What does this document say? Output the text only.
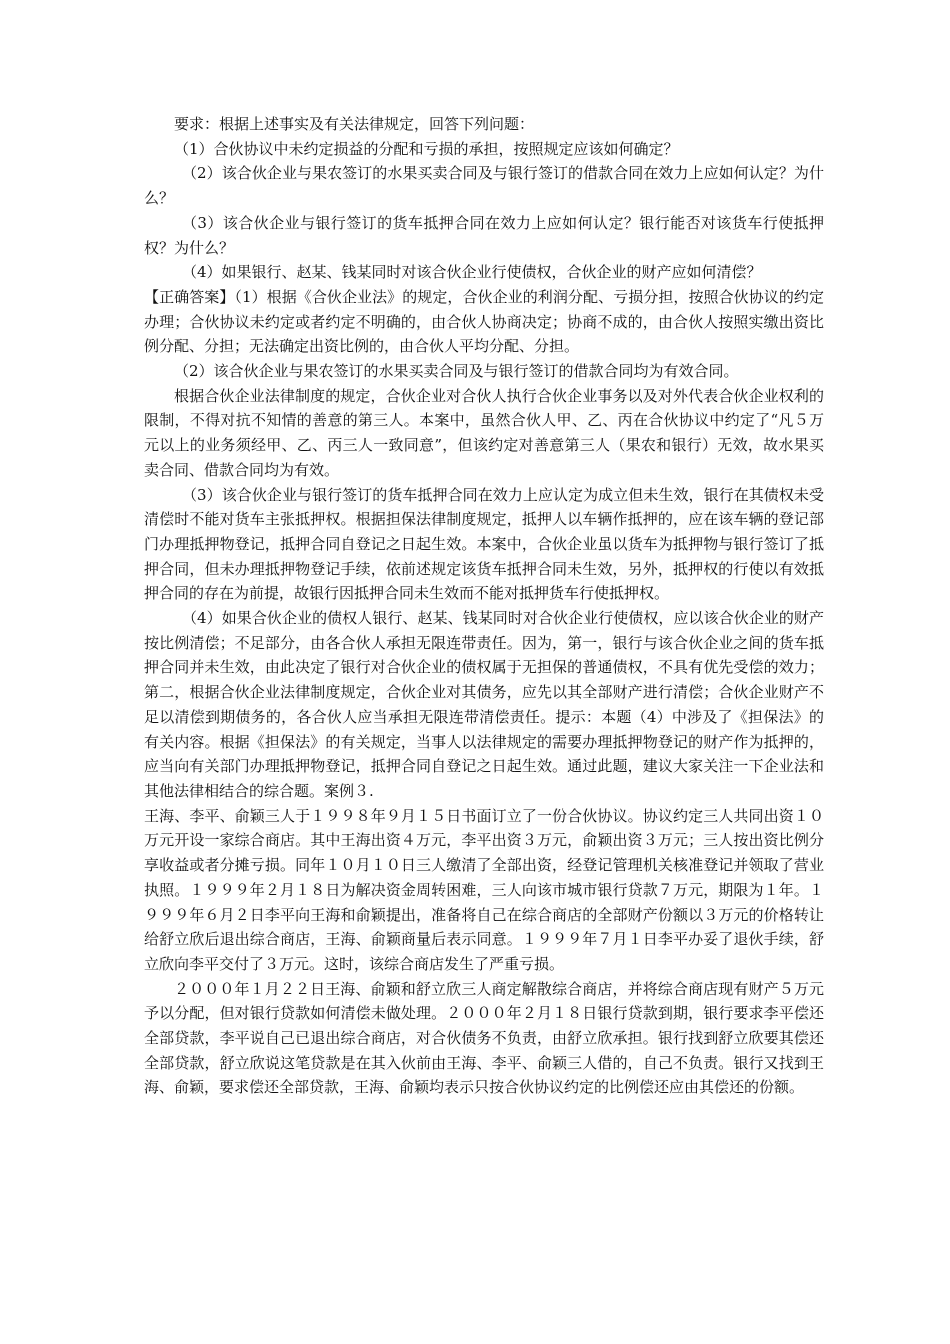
要求：根据上述事实及有关法律规定，回答下列问题：

（1）合伙协议中未约定损益的分配和亏损的承担，按照规定应该如何确定？

（2）该合伙企业与果农签订的水果买卖合同及与银行签订的借款合同在效力上应如何认定？为什么？

（3）该合伙企业与银行签订的货车抵押合同在效力上应如何认定？银行能否对该货车行使抵押权？为什么？

（4）如果银行、赵某、钱某同时对该合伙企业行使债权，合伙企业的财产应如何清偿？

【正确答案】（1）根据《合伙企业法》的规定，合伙企业的利润分配、亏损分担，按照合伙协议的约定办理；合伙协议未约定或者约定不明确的，由合伙人协商决定；协商不成的，由合伙人按照实缴出资比例分配、分担；无法确定出资比例的，由合伙人平均分配、分担。

（2）该合伙企业与果农签订的水果买卖合同及与银行签订的借款合同均为有效合同。

根据合伙企业法律制度的规定，合伙企业对合伙人执行合伙企业事务以及对外代表合伙企业权利的限制，不得对抗不知情的善意的第三人。本案中，虽然合伙人甲、乙、丙在合伙协议中约定了“凡５万元以上的业务须经甲、乙、丙三人一致同意”，但该约定对善意第三人（果农和银行）无效，故水果买卖合同、借款合同均为有效。

（3）该合伙企业与银行签订的货车抵押合同在效力上应认定为成立但未生效，银行在其债权未受清偿时不能对货车主张抵押权。根据担保法律制度规定，抵押人以车辆作抵押的，应在该车辆的登记部门办理抵押物登记，抵押合同自登记之日起生效。本案中，合伙企业虽以货车为抵押物与银行签订了抵押合同，但未办理抵押物登记手续，依前述规定该货车抵押合同未生效，另外，抵押权的行使以有效抵押合同的存在为前提，故银行因抵押合同未生效而不能对抵押货车行使抵押权。

（4）如果合伙企业的债权人银行、赵某、钱某同时对合伙企业行使债权，应以该合伙企业的财产按比例清偿；不足部分，由各合伙人承担无限连带责任。因为，第一，银行与该合伙企业之间的货车抵押合同并未生效，由此决定了银行对合伙企业的债权属于无担保的普通债权，不具有优先受偿的效力；第二，根据合伙企业法律制度规定，合伙企业对其债务，应先以其全部财产进行清偿；合伙企业财产不足以清偿到期债务的，各合伙人应当承担无限连带清偿责任。提示：本题（4）中涉及了《担保法》的有关内容。根据《担保法》的有关规定，当事人以法律规定的需要办理抵押物登记的财产作为抵押的，应当向有关部门办理抵押物登记，抵押合同自登记之日起生效。通过此题，建议大家关注一下企业法和其他法律相结合的综合题。案例３.

王海、李平、俞颖三人于１９９８年９月１５日书面订立了一份合伙协议。协议约定三人共同出资１０万元开设一家综合商店。其中王海出资４万元，李平出资３万元，俞颖出资３万元；三人按出资比例分享收益或者分摊亏损。同年１０月１０日三人缴清了全部出资，经登记管理机关核准登记并领取了营业执照。１９９９年２月１８日为解决资金周转困难，三人向该市城市银行贷款７万元，期限为１年。１９９９年６月２日李平向王海和俞颖提出，准备将自己在综合商店的全部财产份额以３万元的价格转让给舒立欣后退出综合商店，王海、俞颖商量后表示同意。１９９９年７月１日李平办妥了退伙手续，舒立欣向李平交付了３万元。这时，该综合商店发生了严重亏损。

２０００年１月２２日王海、俞颖和舒立欣三人商定解散综合商店，并将综合商店现有财产５万元予以分配，但对银行贷款如何清偿未做处理。２０００年２月１８日银行贷款到期，银行要求李平偿还全部贷款，李平说自己已退出综合商店，对合伙债务不负责，由舒立欣承担。银行找到舒立欣要其偿还全部贷款，舒立欣说这笔贷款是在其入伙前由王海、李平、俞颖三人借的，自己不负责。银行又找到王海、俞颖，要求偿还全部贷款，王海、俞颖均表示只按合伙协议约定的比例偿还应由其偿还的份额。
